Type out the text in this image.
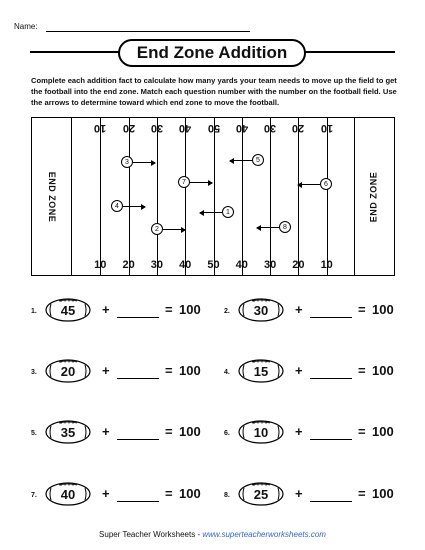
Name:
End Zone Addition
Complete each addition fact to calculate how many yards your team needs to move up the field to get the football into the end zone. Match each question number with the number on the football field. Use the arrows to determine toward which end zone to move the football.
END ZONE	END ZONE
10
10
20
20
30
30
40
40
50
50
40
40
30
30
20
20
10
10
3	5
7	6
4
1
2	8
1.	45	+	= 100	2.	30	+	= 100
3.	20	+	= 100	4.	15	+	= 100
5.	35	+	= 100	6.	10	+	= 100
7.	40	+	= 100	8.	25	+	= 100
Super Teacher Worksheets - www.superteacherworksheets.com
